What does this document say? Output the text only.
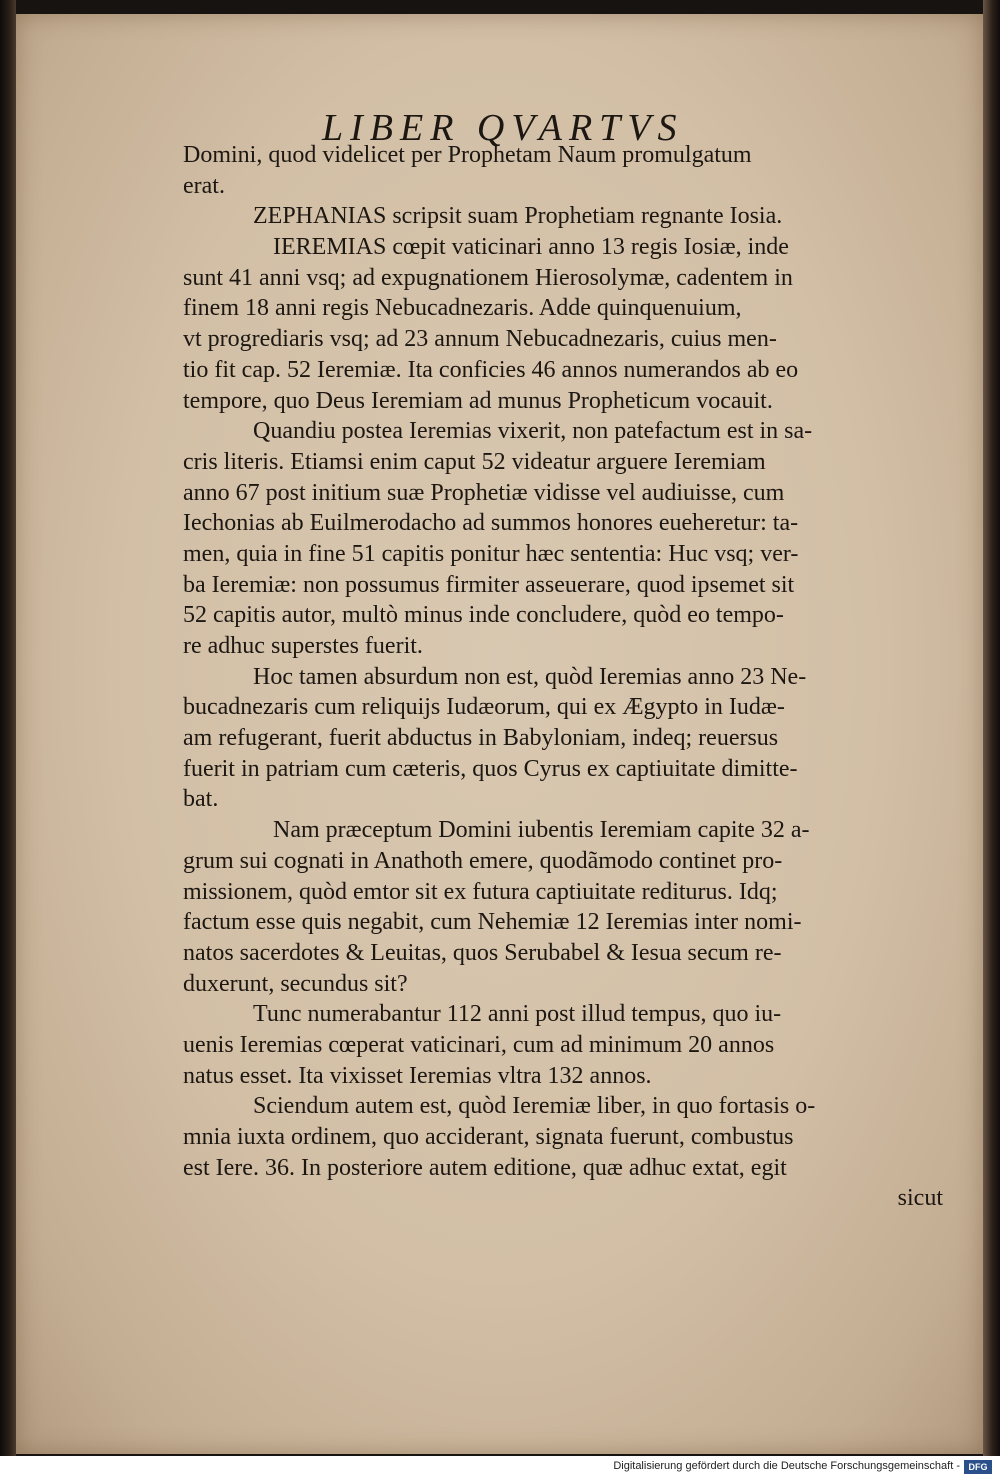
LIBER QVARTVS
Domini, quod videlicet per Prophetam Naum promulgatum
erat.
ZEPHANIAS scripsit suam Prophetiam regnante Iosia.
IEREMIAS cœpit vaticinari anno 13 regis Iosiæ, inde
sunt 41 anni vsq; ad expugnationem Hierosolymæ, cadentem in
finem 18 anni regis Nebucadnezaris. Adde quinquenuium,
vt progrediaris vsq; ad 23 annum Nebucadnezaris, cuius men-
tio fit cap. 52 Ieremiæ. Ita conficies 46 annos numerandos ab eo
tempore, quo Deus Ieremiam ad munus Propheticum vocauit.
Quandiu postea Ieremias vixerit, non patefactum est in sa-
cris literis. Etiamsi enim caput 52 videatur arguere Ieremiam
anno 67 post initium suæ Prophetiæ vidisse vel audiuisse, cum
Iechonias ab Euilmerodacho ad summos honores eueheretur: ta-
men, quia in fine 51 capitis ponitur hæc sententia: Huc vsq; ver-
ba Ieremiæ: non possumus firmiter asseuerare, quod ipsemet sit
52 capitis autor, multò minus inde concludere, quòd eo tempo-
re adhuc superstes fuerit.
Hoc tamen absurdum non est, quòd Ieremias anno 23 Ne-
bucadnezaris cum reliquijs Iudæorum, qui ex Ægypto in Iudæ-
am refugerant, fuerit abductus in Babyloniam, indeq; reuersus
fuerit in patriam cum cæteris, quos Cyrus ex captiuitate dimitte-
bat.
Nam præceptum Domini iubentis Ieremiam capite 32 a-
grum sui cognati in Anathoth emere, quodãmodo continet pro-
missionem, quòd emtor sit ex futura captiuitate rediturus. Idq;
factum esse quis negabit, cum Nehemiæ 12 Ieremias inter nomi-
natos sacerdotes & Leuitas, quos Serubabel & Iesua secum re-
duxerunt, secundus sit?
Tunc numerabantur 112 anni post illud tempus, quo iu-
uenis Ieremias cœperat vaticinari, cum ad minimum 20 annos
natus esset. Ita vixisset Ieremias vltra 132 annos.
Sciendum autem est, quòd Ieremiæ liber, in quo fortasis o-
mnia iuxta ordinem, quo acciderant, signata fuerunt, combustus
est Iere. 36. In posteriore autem editione, quæ adhuc extat, egit
sicut
Digitalisierung gefördert durch die Deutsche Forschungsgemeinschaft - DFG
